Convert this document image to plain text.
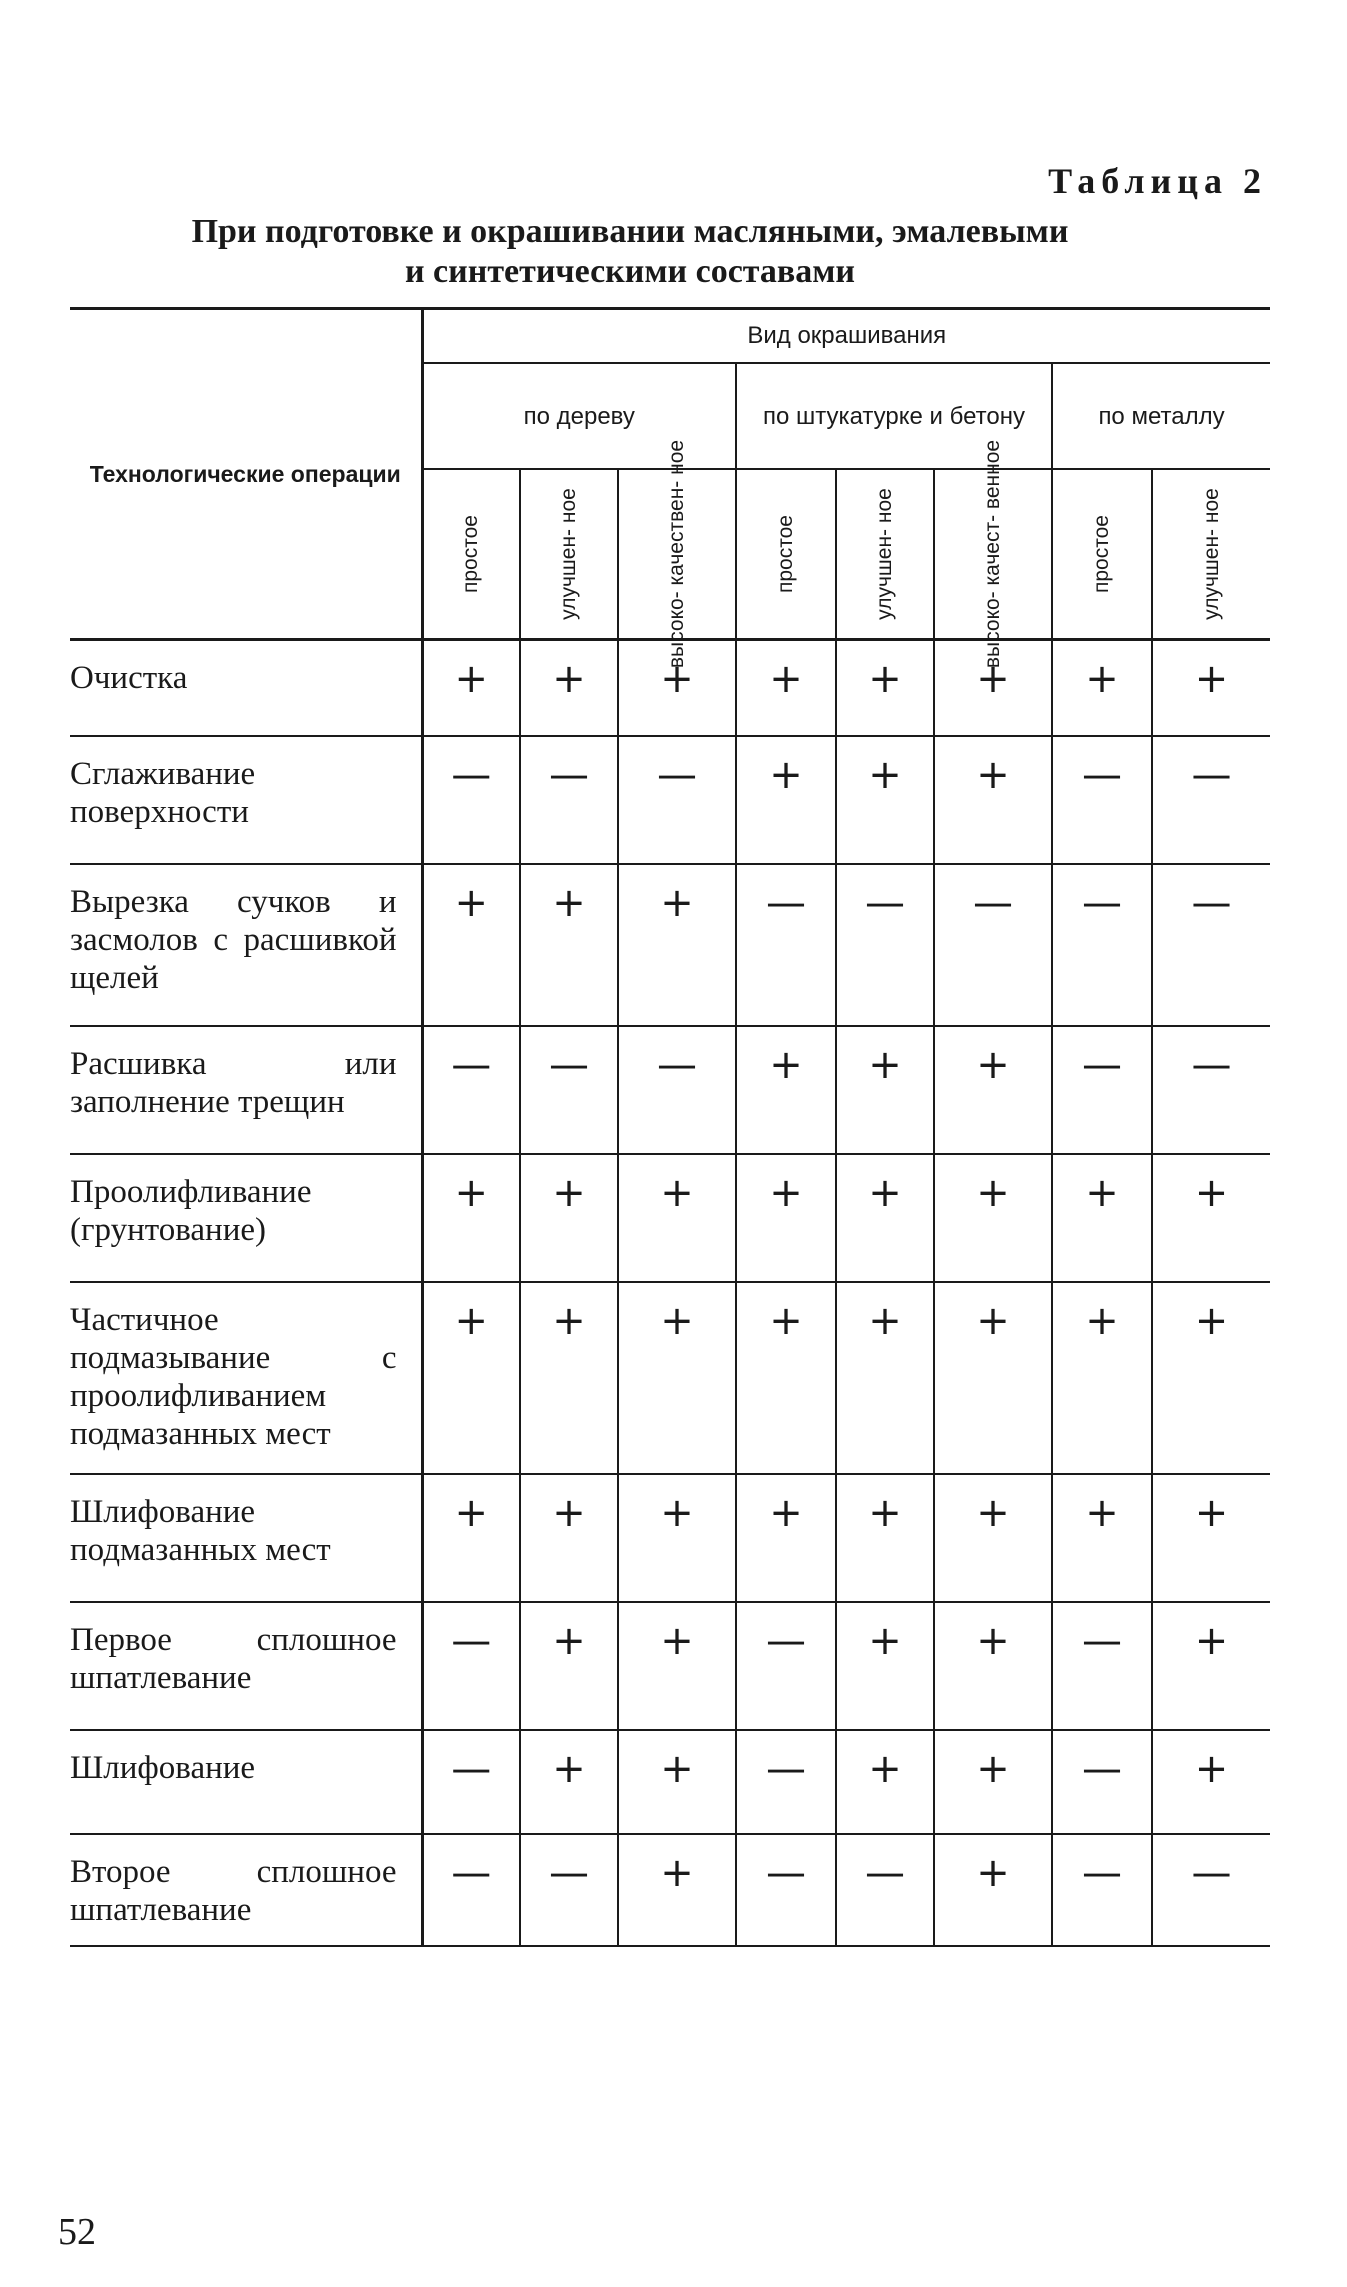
Таблица 2
При подготовке и окрашивании масляными, эмалевыми
и синтетическими составами
Технологические операции	Вид окрашивания							
	по дереву			по штукатурке и бетону			по металлу	

	простое	улучшен- ное	высоко- качествен- ное	простое	улучшен- ное	высоко- качест- венное	простое	улучшен- ное

Очистка	+	+	+	+	+	+	+	+
Сглаживание поверхности	—	—	—	+	+	+	—	—
Вырезка сучков и засмолов с расшивкой щелей	+	+	+	—	—	—	—	—
Расшивка или заполнение трещин	—	—	—	+	+	+	—	—
Проолифливание (грунтование)	+	+	+	+	+	+	+	+
Частичное подмазывание с проолифливанием подмазанных мест	+	+	+	+	+	+	+	+
Шлифование подмазанных мест	+	+	+	+	+	+	+	+
Первое сплошное шпатлевание	—	+	+	—	+	+	—	+
Шлифование	—	+	+	—	+	+	—	+
Второе сплошное шпатлевание	—	—	+	—	—	+	—	—
52
